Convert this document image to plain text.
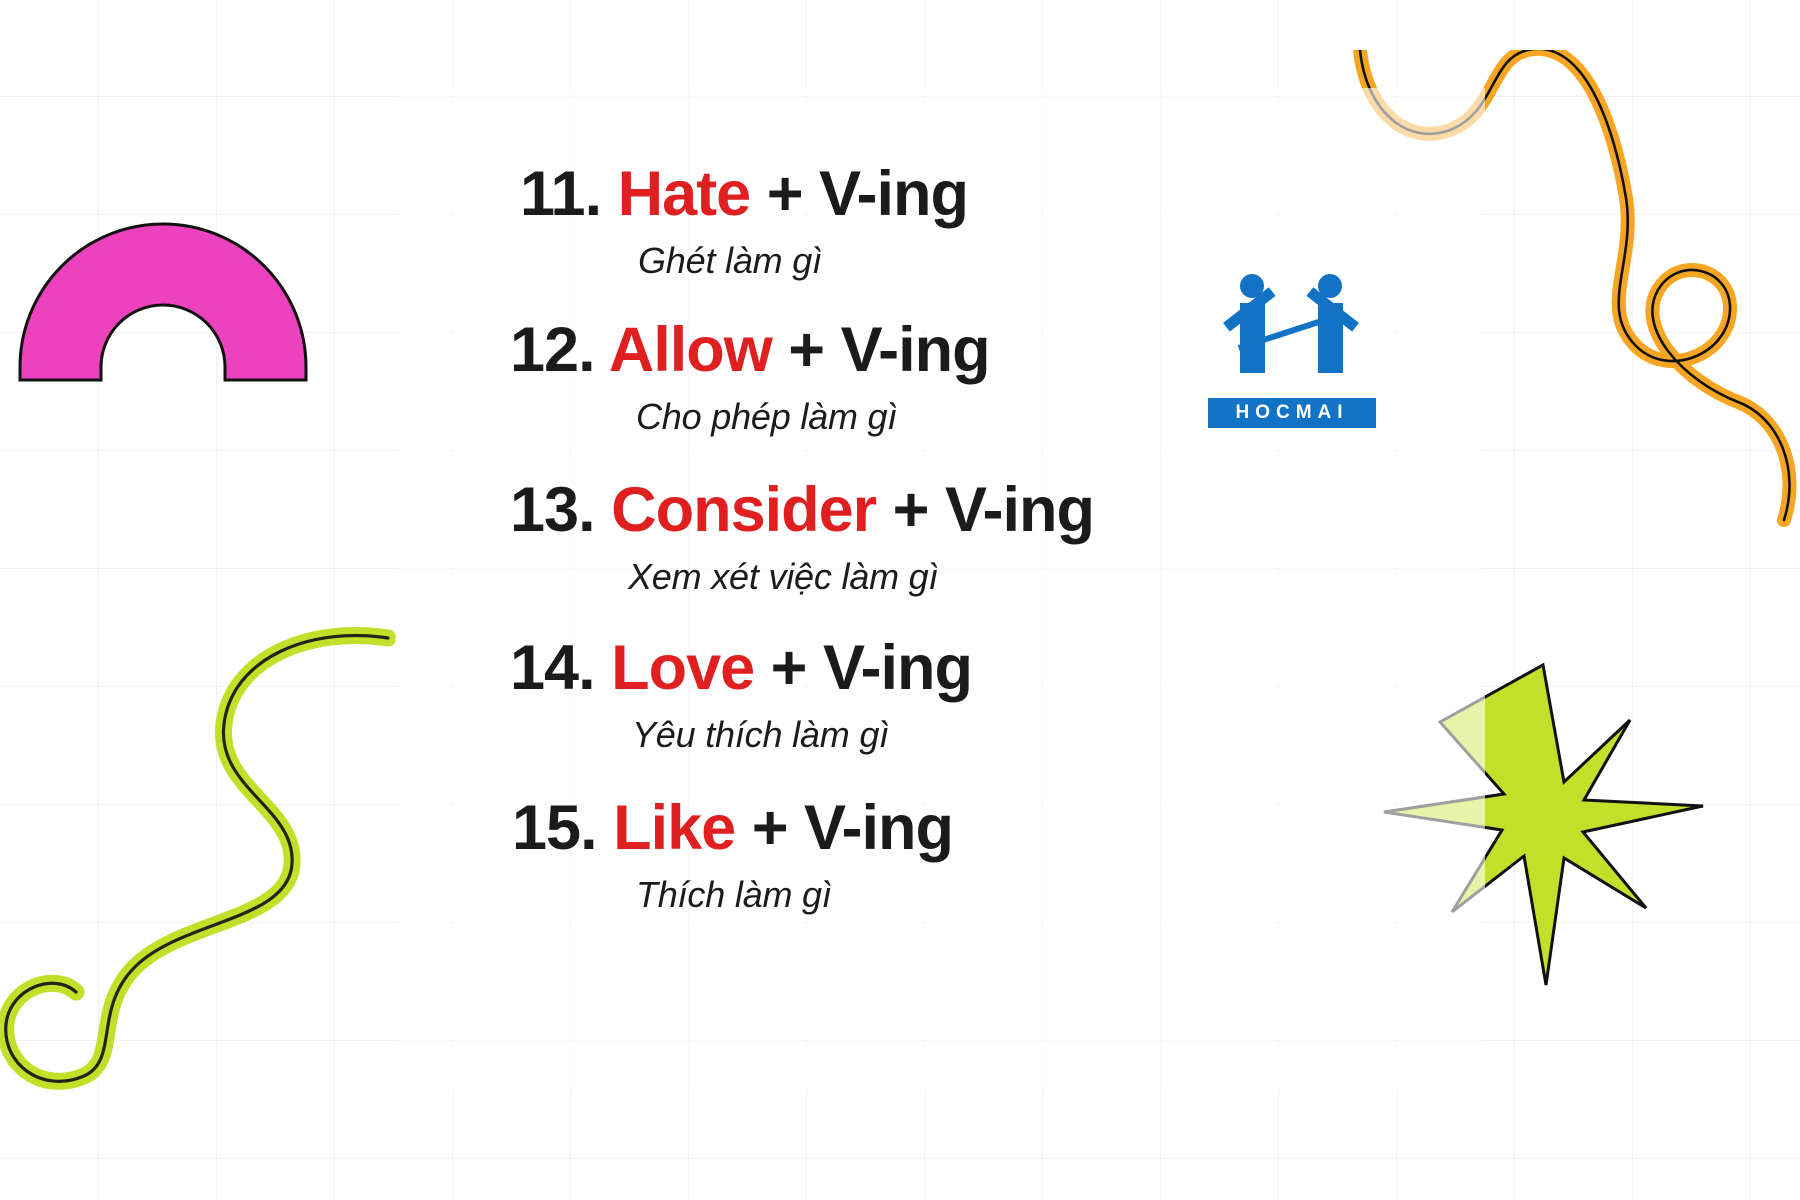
HOCMAI
11. Hate + V-ing
Ghét làm gì
12. Allow + V-ing
Cho phép làm gì
13. Consider + V-ing
Xem xét việc làm gì
14. Love + V-ing
Yêu thích làm gì
15. Like + V-ing
Thích làm gì
